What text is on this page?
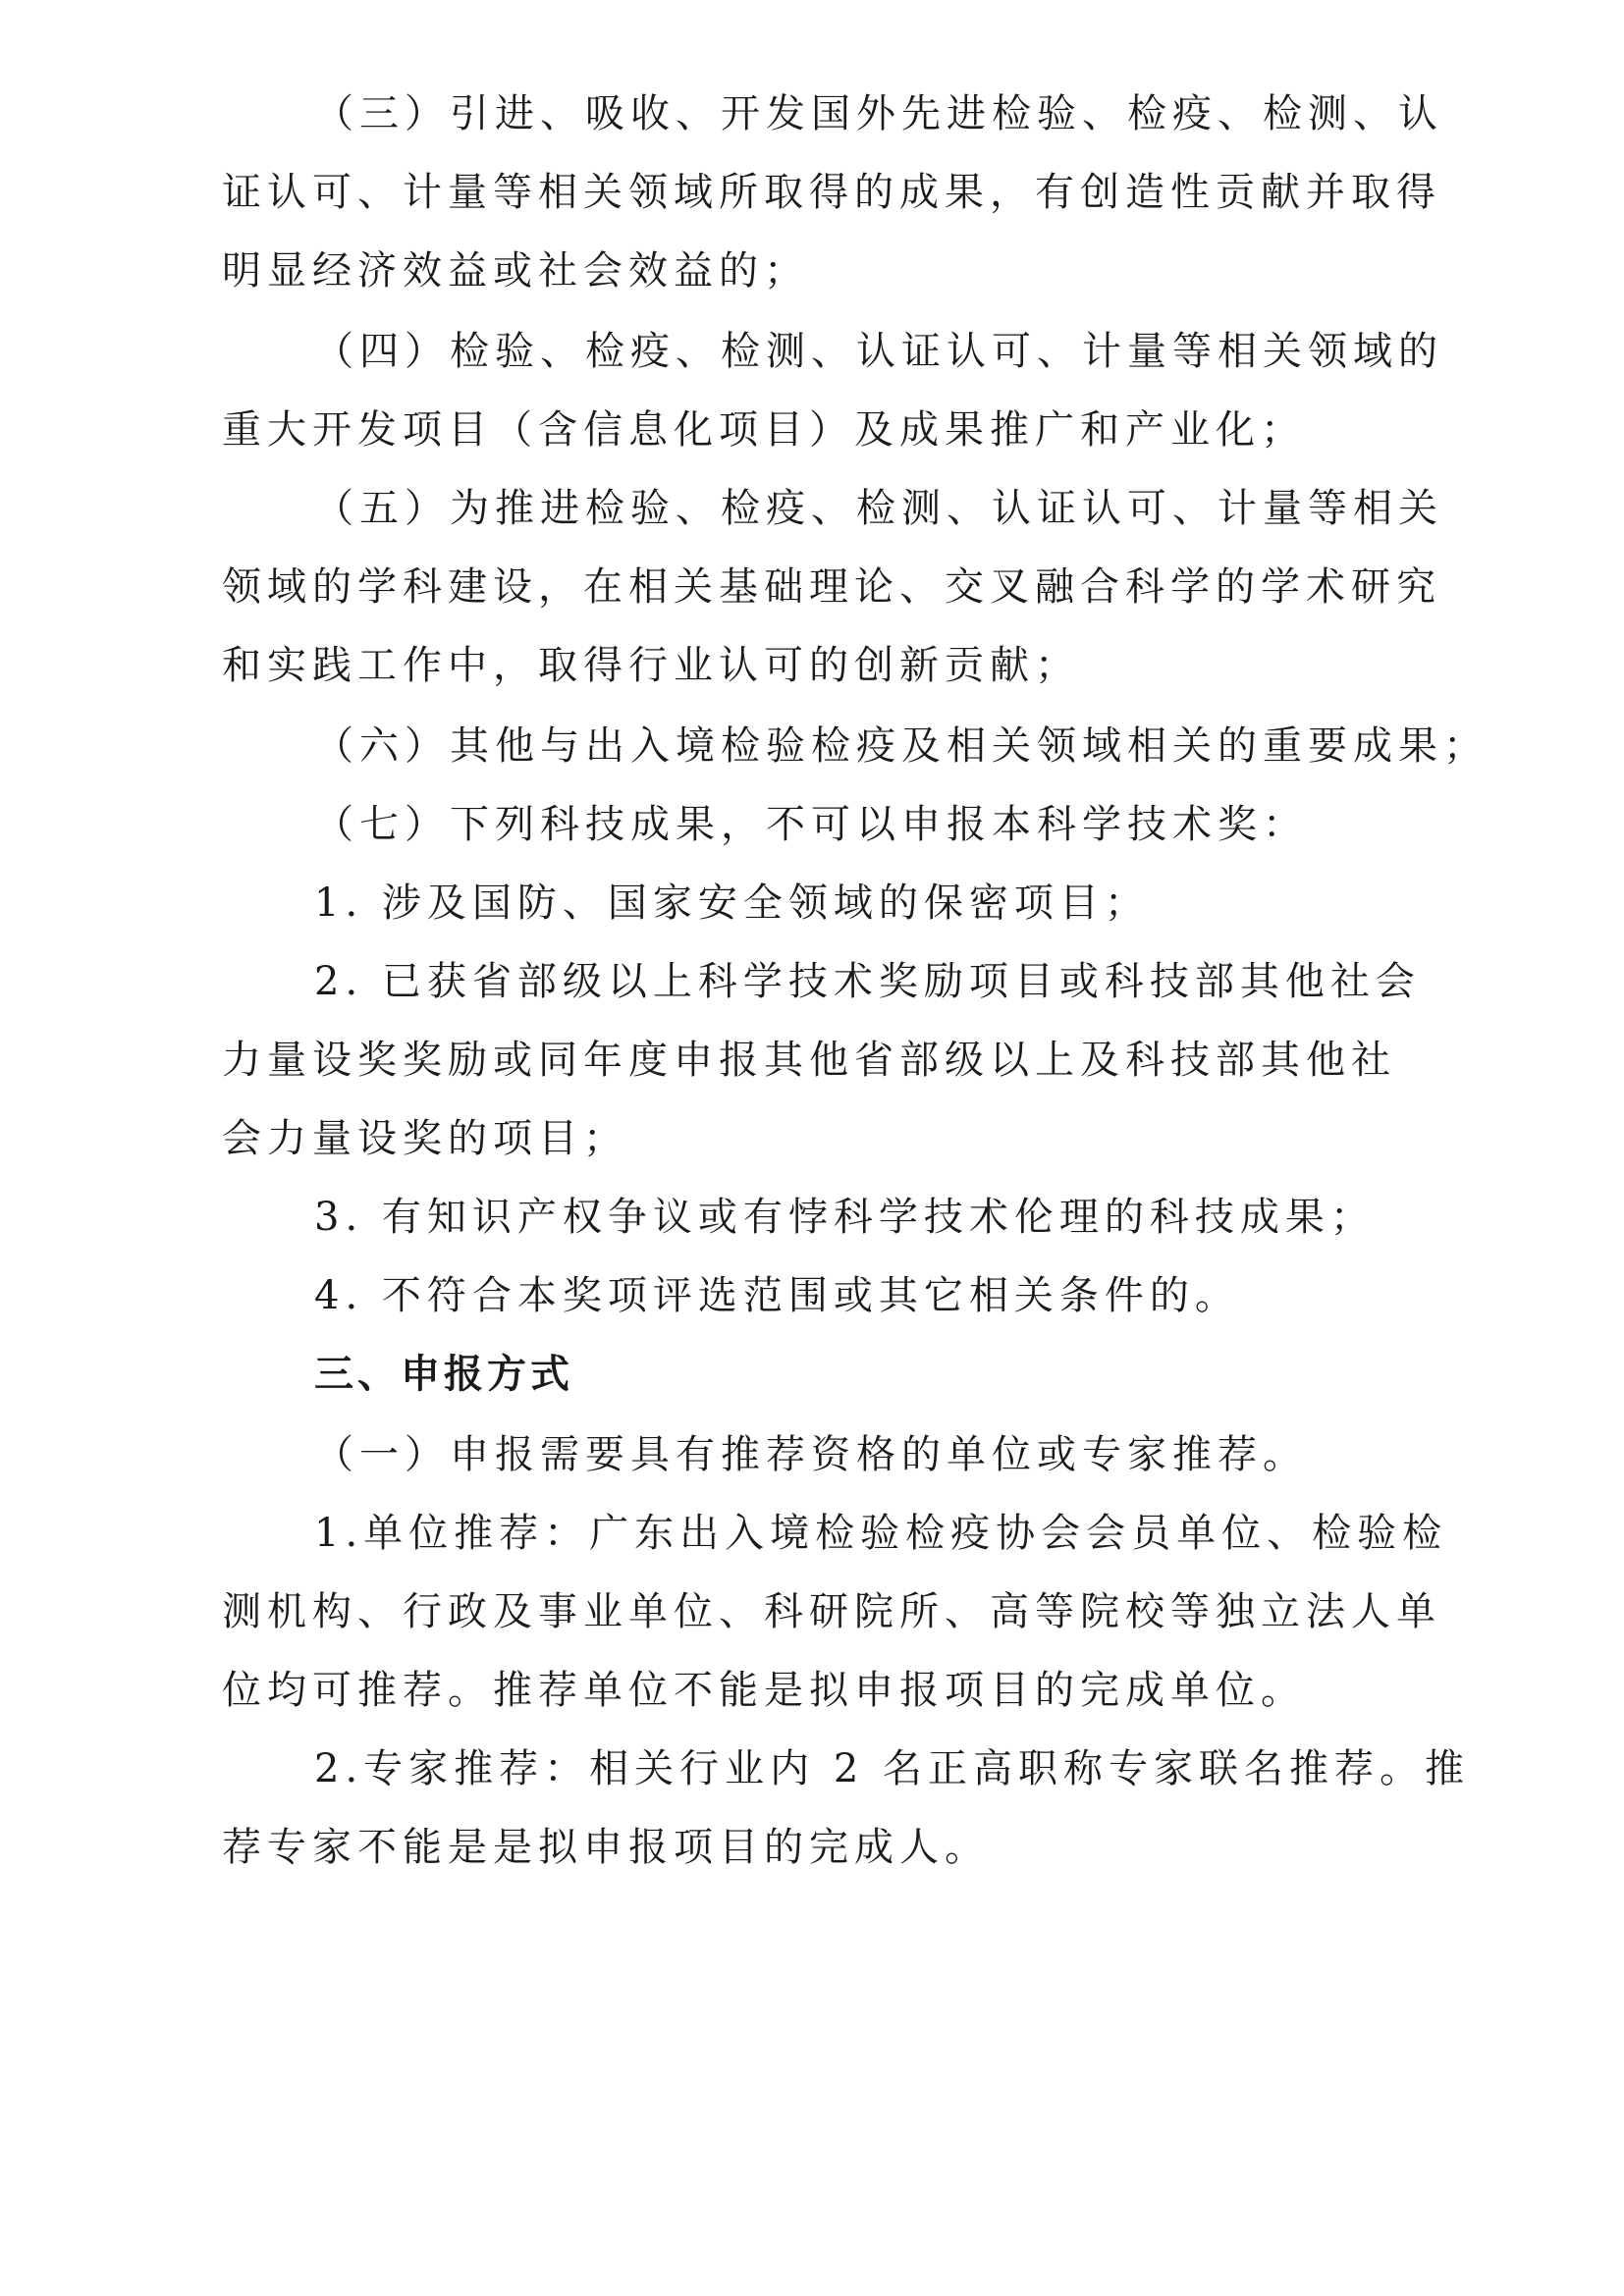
（三）引进、吸收、开发国外先进检验、检疫、检测、认
证认可、计量等相关领域所取得的成果，有创造性贡献并取得
明显经济效益或社会效益的；
（四）检验、检疫、检测、认证认可、计量等相关领域的
重大开发项目（含信息化项目）及成果推广和产业化；
（五）为推进检验、检疫、检测、认证认可、计量等相关
领域的学科建设，在相关基础理论、交叉融合科学的学术研究
和实践工作中，取得行业认可的创新贡献；
（六）其他与出入境检验检疫及相关领域相关的重要成果；
（七）下列科技成果，不可以申报本科学技术奖：
1. 涉及国防、国家安全领域的保密项目；
2. 已获省部级以上科学技术奖励项目或科技部其他社会
力量设奖奖励或同年度申报其他省部级以上及科技部其他社
会力量设奖的项目；
3. 有知识产权争议或有悖科学技术伦理的科技成果；
4. 不符合本奖项评选范围或其它相关条件的。
三、申报方式
（一）申报需要具有推荐资格的单位或专家推荐。
1.单位推荐：广东出入境检验检疫协会会员单位、检验检
测机构、行政及事业单位、科研院所、高等院校等独立法人单
位均可推荐。推荐单位不能是拟申报项目的完成单位。
2.专家推荐：相关行业内 2 名正高职称专家联名推荐。推
荐专家不能是是拟申报项目的完成人。
